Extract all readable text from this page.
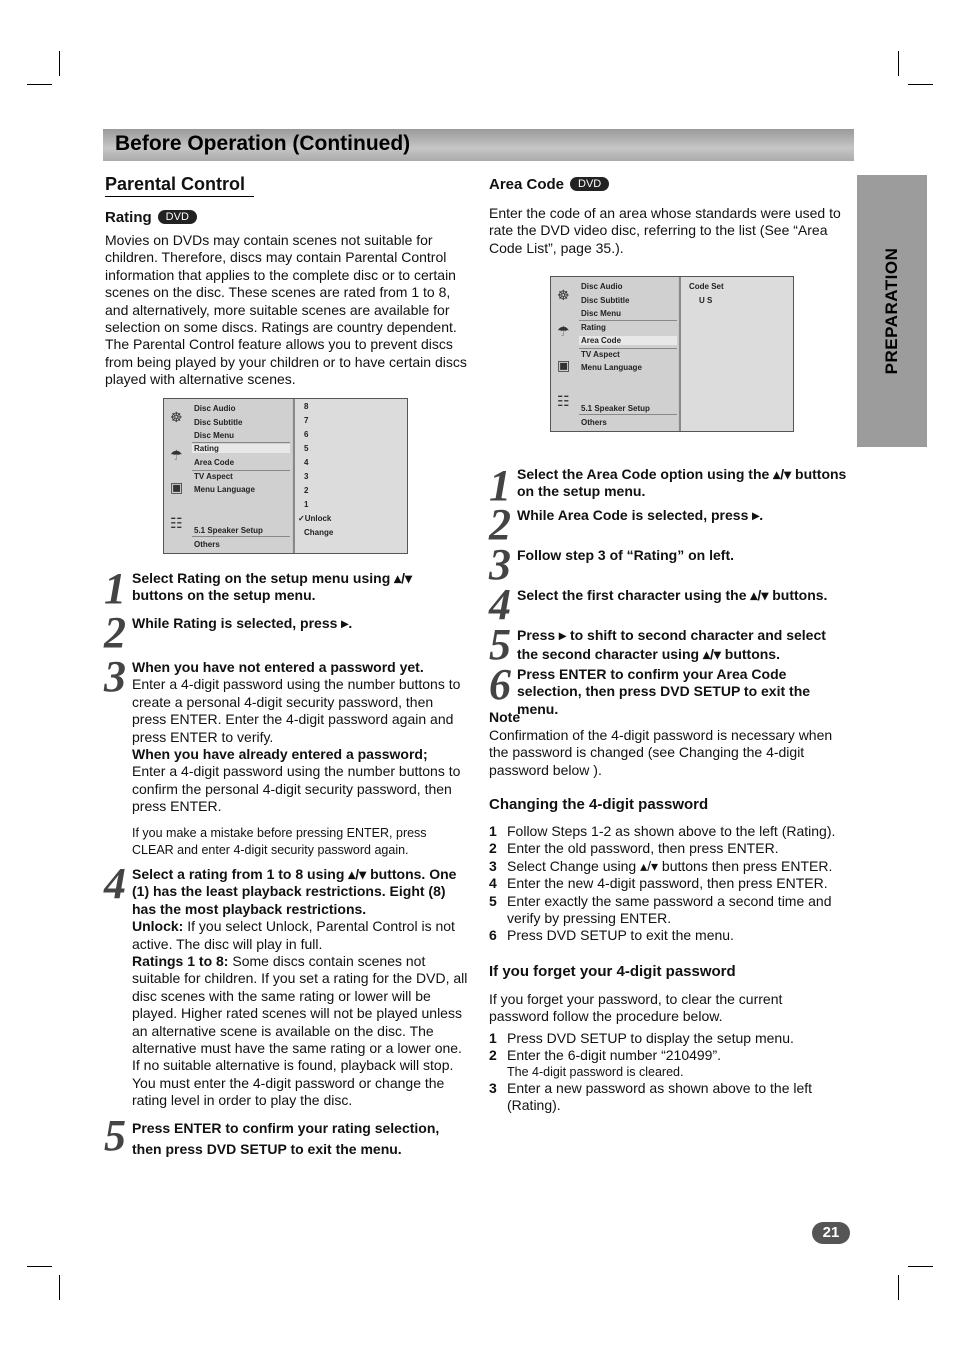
Before Operation (Continued)
PREPARATION
Parental Control
Rating DVD
Movies on DVDs may contain scenes not suitable for children. Therefore, discs may contain Parental Control information that applies to the complete disc or to certain scenes on the disc. These scenes are rated from 1 to 8, and alternatively, more suitable scenes are available for selection on some discs. Ratings are country dependent. The Parental Control feature allows you to prevent discs from being played by your children or to have certain discs played with alternative scenes.
☸
☂
▣
☷
Disc Audio
Disc Subtitle
Disc Menu
Rating
Area Code
TV Aspect
Menu Language
5.1 Speaker Setup
Others
8
7
6
5
4
3
2
1
✓Unlock
Change
1 Select Rating on the setup menu using ▴/▾ buttons on the setup menu.
2 While Rating is selected, press ▸.
3 When you have not entered a password yet.
Enter a 4-digit password using the number buttons to create a personal 4-digit security password, then press ENTER. Enter the 4-digit password again and press ENTER to verify.
When you have already entered a password;
Enter a 4-digit password using the number buttons to confirm the personal 4-digit security password, then press ENTER.
If you make a mistake before pressing ENTER, press CLEAR and enter 4-digit security password again.
4 Select a rating from 1 to 8 using ▴/▾ buttons. One (1) has the least playback restrictions. Eight (8) has the most playback restrictions.
Unlock: If you select Unlock, Parental Control is not active. The disc will play in full.
Ratings 1 to 8: Some discs contain scenes not suitable for children. If you set a rating for the DVD, all disc scenes with the same rating or lower will be played. Higher rated scenes will not be played unless an alternative scene is available on the disc. The alternative must have the same rating or a lower one. If no suitable alternative is found, playback will stop. You must enter the 4-digit password or change the rating level in order to play the disc.
5 Press ENTER to confirm your rating selection, then press DVD SETUP to exit the menu.
Area Code DVD
Enter the code of an area whose standards were used to rate the DVD video disc, referring to the list (See “Area Code List”, page 35.).
☸
☂
▣
☷
Disc Audio
Disc Subtitle
Disc Menu
Rating
Area Code
TV Aspect
Menu Language
5.1 Speaker Setup
Others
Code Set
U S
1 Select the Area Code option using the ▴/▾ buttons on the setup menu.
2 While Area Code is selected, press ▸.
3 Follow step 3 of “Rating” on left.
4 Select the first character using the ▴/▾ buttons.
5 Press ▸ to shift to second character and select the second character using ▴/▾ buttons.
6 Press ENTER to confirm your Area Code selection, then press DVD SETUP to exit the menu.
Note
Confirmation of the 4-digit password is necessary when the password is changed (see Changing the 4-digit password below ).
Changing the 4-digit password
1 Follow Steps 1-2 as shown above to the left (Rating).
2 Enter the old password, then press ENTER.
3 Select Change using ▴/▾ buttons then press ENTER.
4 Enter the new 4-digit password, then press ENTER.
5 Enter exactly the same password a second time and verify by pressing ENTER.
6 Press DVD SETUP to exit the menu.
If you forget your 4-digit password
If you forget your password, to clear the current password follow the procedure below.
1 Press DVD SETUP to display the setup menu.
2 Enter the 6-digit number “210499”.
The 4-digit password is cleared.
3 Enter a new password as shown above to the left (Rating).
21
